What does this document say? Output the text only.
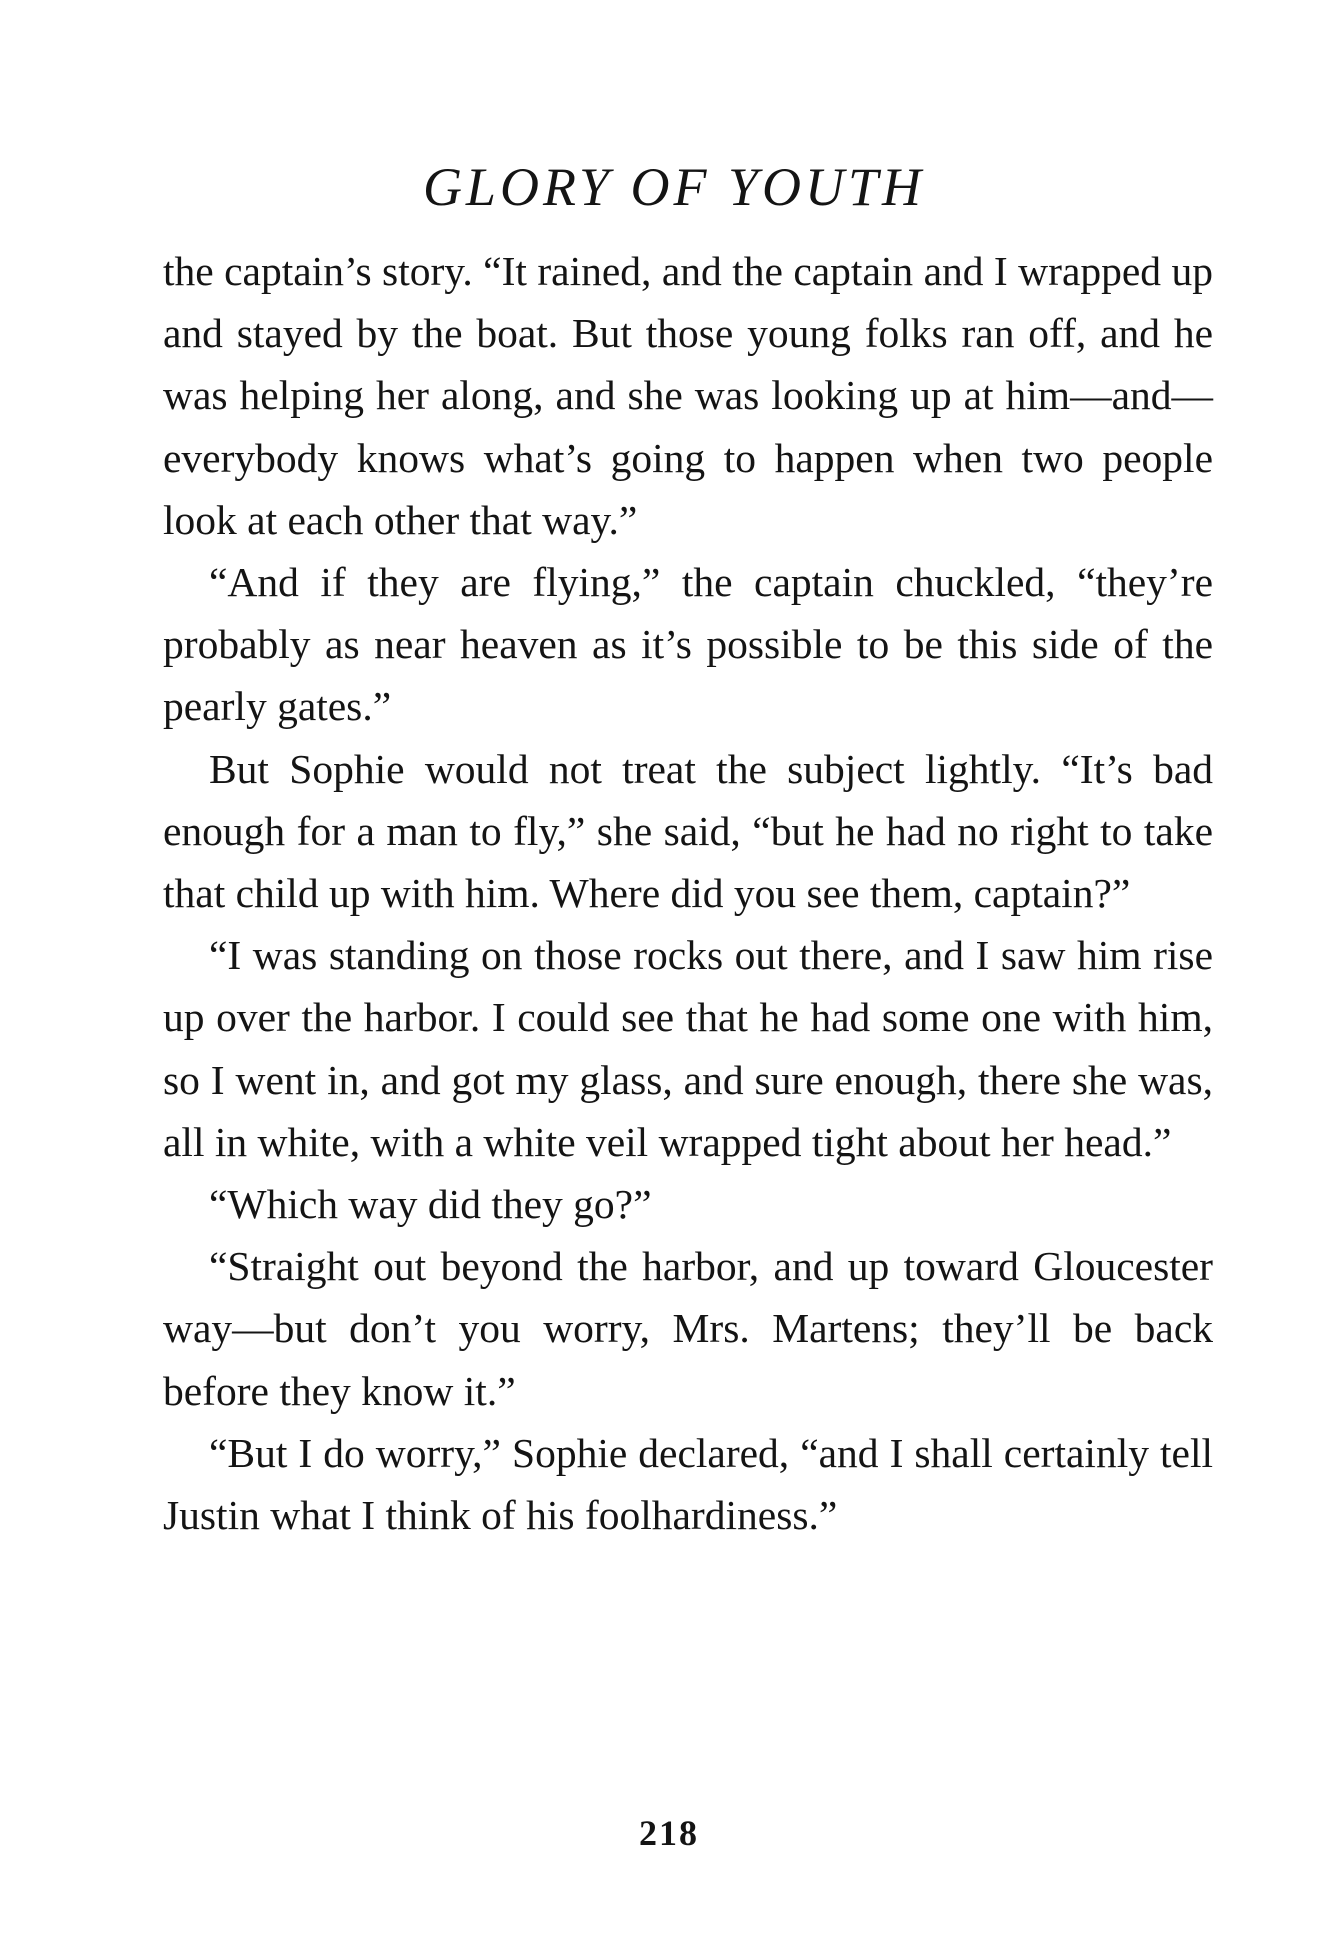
GLORY OF YOUTH

the captain’s story. “It rained, and the captain and I wrapped up and stayed by the boat. But those young folks ran off, and he was helping her along, and she was looking up at him—and—everybody knows what’s going to happen when two people look at each other that way.”

“And if they are flying,” the captain chuckled, “they’re probably as near heaven as it’s possible to be this side of the pearly gates.”

But Sophie would not treat the subject lightly. “It’s bad enough for a man to fly,” she said, “but he had no right to take that child up with him. Where did you see them, captain?”

“I was standing on those rocks out there, and I saw him rise up over the harbor. I could see that he had some one with him, so I went in, and got my glass, and sure enough, there she was, all in white, with a white veil wrapped tight about her head.”

“Which way did they go?”

“Straight out beyond the harbor, and up toward Gloucester way—but don’t you worry, Mrs. Martens; they’ll be back before they know it.”

“But I do worry,” Sophie declared, “and I shall certainly tell Justin what I think of his foolhardiness.”

218
